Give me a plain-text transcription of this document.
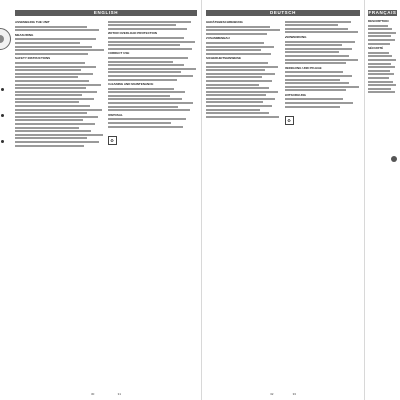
ENGLISH
ASSEMBLING THE UNIT
MEASURING
SAFETY INSTRUCTIONS
MOTOR OVERLOAD PROTECTION
CORRECT USE
CLEANING AND MAINTENANCE
DISPOSAL
♻
30	31
DEUTSCH
GERÄTEBESCHREIBUNG
ZUSAMMENBAU
SICHERHEITSHINWEISE
VERWENDUNG
REINIGUNG UND PFLEGE
ENTSORGUNG
♻
32	33
FRANÇAIS
DESCRIPTION
SÉCURITÉ
